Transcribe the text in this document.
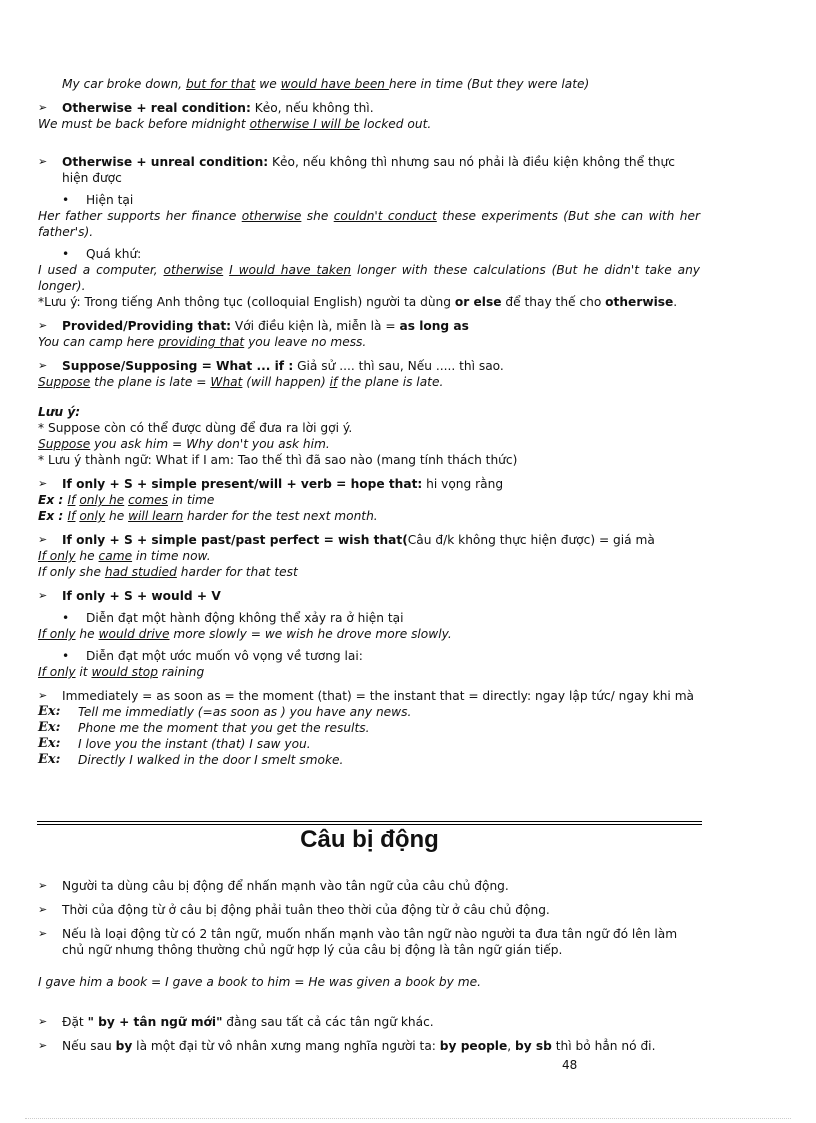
My car broke down, but for that we would have been here in time (But they were late)
➢	Otherwise + real condition: Kẻo, nếu không thì.
We must be back before midnight otherwise I will be locked out.
➢	Otherwise + unreal condition: Kẻo, nếu không thì nhưng sau nó phải là điều kiện không thể thực hiện được
•	Hiện tại
Her father supports her finance otherwise she couldn't conduct these experiments (But she can with her father's).
•	Quá khứ:
I used a computer, otherwise I would have taken longer with these calculations (But he didn't take any longer).
*Lưu ý: Trong tiếng Anh thông tục (colloquial English) người ta dùng or else để thay thế cho otherwise.
➢	Provided/Providing that: Với điều kiện là, miễn là = as long as
You can camp here providing that you leave no mess.
➢	Suppose/Supposing = What ... if : Giả sử .... thì sau, Nếu ..... thì sao.
Suppose the plane is late = What (will happen) if the plane is late.
Lưu ý:
* Suppose còn có thể được dùng để đưa ra lời gợi ý.
Suppose you ask him = Why don't you ask him.
* Lưu ý thành ngữ: What if I am: Tao thế thì đã sao nào (mang tính thách thức)
➢	If only + S + simple present/will + verb = hope that: hi vọng rằng
Ex : If only he comes in time
Ex : If only he will learn harder for the test next month.
➢	If only + S + simple past/past perfect = wish that(Câu đ/k không thực hiện được) = giá mà
If only he came in time now.
If only she had studied harder for that test
➢	If only + S + would + V
•	Diễn đạt một hành động không thể xảy ra ở hiện tại
If only he would drive more slowly = we wish he drove more slowly.
•	Diễn đạt một ước muốn vô vọng về tương lai:
If only it would stop raining
➢	Immediately = as soon as = the moment (that) = the instant that = directly: ngay lập tức/ ngay khi mà
Ex:	Tell me immediatly (=as soon as ) you have any news.
Ex:	Phone me the moment that you get the results.
Ex:	I love you the instant (that) I saw you.
Ex:	Directly I walked in the door I smelt smoke.
Câu bị động
➢	Người ta dùng câu bị động để nhấn mạnh vào tân ngữ của câu chủ động.
➢	Thời của động từ ở câu bị động phải tuân theo thời của động từ ở câu chủ động.
➢	Nếu là loại động từ có 2 tân ngữ, muốn nhấn mạnh vào tân ngữ nào người ta đưa tân ngữ đó lên làm chủ ngữ nhưng thông thường chủ ngữ hợp lý của câu bị động là tân ngữ gián tiếp.
I gave him a book = I gave a book to him = He was given a book by me.
➢	Đặt " by + tân ngữ mới" đằng sau tất cả các tân ngữ khác.
➢	Nếu sau by là một đại từ vô nhân xưng mang nghĩa người ta: by people, by sb thì bỏ hẳn nó đi.
48
